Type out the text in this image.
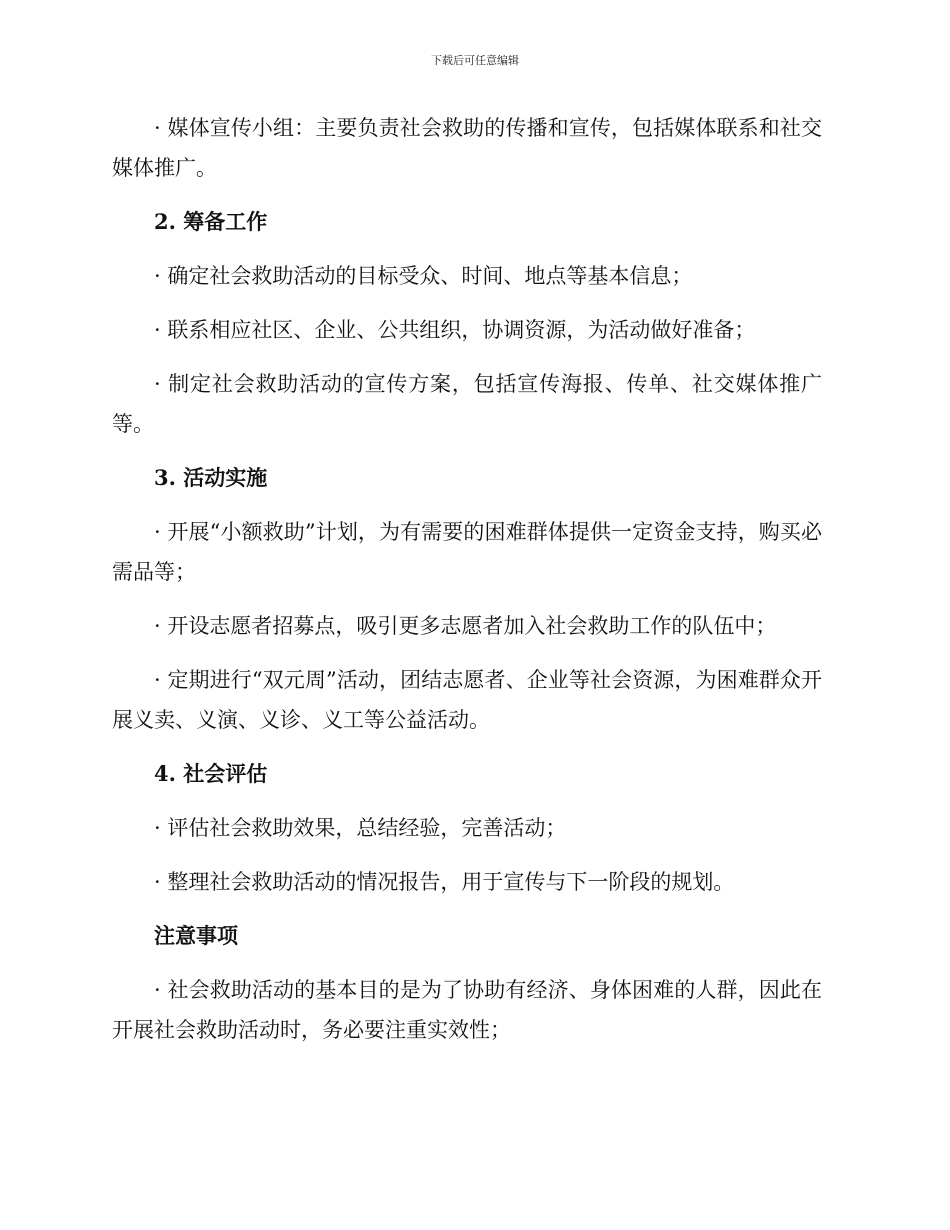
下载后可任意编辑

· 媒体宣传小组：主要负责社会救助的传播和宣传，包括媒体联系和社交媒体推广。

2. 筹备工作

· 确定社会救助活动的目标受众、时间、地点等基本信息；

· 联系相应社区、企业、公共组织，协调资源，为活动做好准备；

· 制定社会救助活动的宣传方案，包括宣传海报、传单、社交媒体推广等。

3. 活动实施

· 开展“小额救助”计划，为有需要的困难群体提供一定资金支持，购买必需品等；

· 开设志愿者招募点，吸引更多志愿者加入社会救助工作的队伍中；

· 定期进行“双元周”活动，团结志愿者、企业等社会资源，为困难群众开展义卖、义演、义诊、义工等公益活动。

4. 社会评估

· 评估社会救助效果，总结经验，完善活动；

· 整理社会救助活动的情况报告，用于宣传与下一阶段的规划。

注意事项

· 社会救助活动的基本目的是为了协助有经济、身体困难的人群，因此在开展社会救助活动时，务必要注重实效性；
